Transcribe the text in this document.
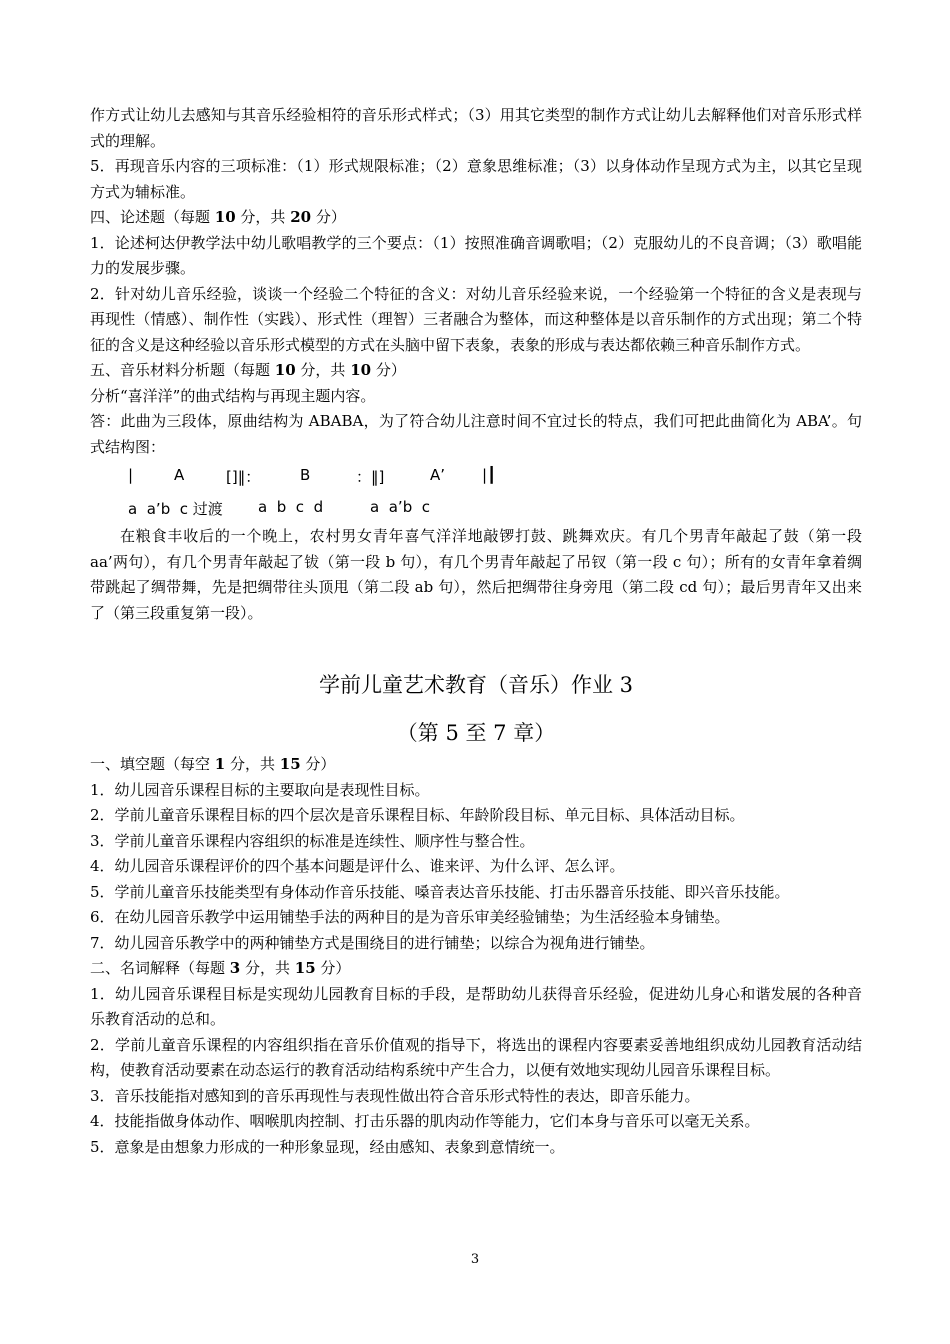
作方式让幼儿去感知与其音乐经验相符的音乐形式样式；（3）用其它类型的制作方式让幼儿去解释他们对音乐形式样式的理解。

5．再现音乐内容的三项标准：（1）形式规限标准；（2）意象思维标准；（3）以身体动作呈现方式为主，以其它呈现方式为辅标准。

四、论述题（每题 10 分，共 20 分）

1．论述柯达伊教学法中幼儿歌唱教学的三个要点：（1）按照准确音调歌唱；（2）克服幼儿的不良音调；（3）歌唱能力的发展步骤。

2．针对幼儿音乐经验，谈谈一个经验二个特征的含义：对幼儿音乐经验来说，一个经验第一个特征的含义是表现与再现性（情感）、制作性（实践）、形式性（理智）三者融合为整体，而这种整体是以音乐制作的方式出现；第二个特征的含义是这种经验以音乐形式模型的方式在头脑中留下表象，表象的形成与表达都依赖三种音乐制作方式。

五、音乐材料分析题（每题 10 分，共 10 分）

分析“喜洋洋”的曲式结构与再现主题内容。

答：此曲为三段体，原曲结构为 ABABA，为了符合幼儿注意时间不宜过长的特点，我们可把此曲简化为 ABA’。句式结构图：

|	A	[]‖：	B	：‖]	A’ |┃
a  a’b  c 过渡 a  b  c  d	a  a’b  c

在粮食丰收后的一个晚上，农村男女青年喜气洋洋地敲锣打鼓、跳舞欢庆。有几个男青年敲起了鼓（第一段 aa’两句），有几个男青年敲起了钹（第一段 b 句），有几个男青年敲起了吊钗（第一段 c 句）；所有的女青年拿着绸带跳起了绸带舞，先是把绸带往头顶甩（第二段 ab 句），然后把绸带往身旁甩（第二段 cd 句）；最后男青年又出来了（第三段重复第一段）。

学前儿童艺术教育（音乐）作业 3

（第 5 至 7 章）

一、填空题（每空 1 分，共 15 分）

1．幼儿园音乐课程目标的主要取向是表现性目标。

2．学前儿童音乐课程目标的四个层次是音乐课程目标、年龄阶段目标、单元目标、具体活动目标。

3．学前儿童音乐课程内容组织的标准是连续性、顺序性与整合性。

4．幼儿园音乐课程评价的四个基本问题是评什么、谁来评、为什么评、怎么评。

5．学前儿童音乐技能类型有身体动作音乐技能、嗓音表达音乐技能、打击乐器音乐技能、即兴音乐技能。

6．在幼儿园音乐教学中运用铺垫手法的两种目的是为音乐审美经验铺垫；为生活经验本身铺垫。

7．幼儿园音乐教学中的两种铺垫方式是围绕目的进行铺垫；以综合为视角进行铺垫。

二、名词解释（每题 3 分，共 15 分）

1．幼儿园音乐课程目标是实现幼儿园教育目标的手段，是帮助幼儿获得音乐经验，促进幼儿身心和谐发展的各种音乐教育活动的总和。

2．学前儿童音乐课程的内容组织指在音乐价值观的指导下，将选出的课程内容要素妥善地组织成幼儿园教育活动结构，使教育活动要素在动态运行的教育活动结构系统中产生合力，以便有效地实现幼儿园音乐课程目标。

3．音乐技能指对感知到的音乐再现性与表现性做出符合音乐形式特性的表达，即音乐能力。

4．技能指做身体动作、咽喉肌肉控制、打击乐器的肌肉动作等能力，它们本身与音乐可以毫无关系。

5．意象是由想象力形成的一种形象显现，经由感知、表象到意情统一。

3
